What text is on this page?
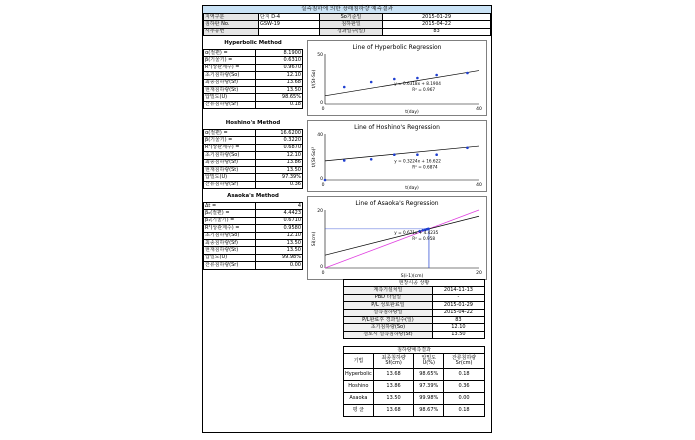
실측침하에 의한 장래침하량 예측결과
지역구분	단지 D-4	So기준일	2015-01-29
침하판 No.	GSW-19	침하판일	2015-04-22
시추공번		경과일수(일)	83
Hyperbolic Method
α(절편) =	8.1900
β(기울기) =	0.6310
R²(상관계수) =	0.9670
초기침하량(So)	12.10
최종침하량(Sf)	13.68
현재침하량(St)	13.50
압밀도(U)	98.65%
잔류침하량(Sr)	0.18
Hoshino's Method
α(절편) =	16.6200
β(기울기) =	0.3220
R²(상관계수) =	0.6870
초기침하량(So)	12.10
최종침하량(Sf)	13.86
현재침하량(St)	13.50
압밀도(U)	97.39%
잔류침하량(Sr)	0.36
Asaoka's Method
Δt =	4
β₀(절편) =	4.4423
β₁(기울기) =	0.6710
R²(상관계수) =	0.9580
초기침하량(So)	12.10
최종침하량(Sf)	13.50
현재침하량(St)	13.50
압밀도(U)	99.98%
잔류침하량(Sr)	0.00
Line of Hyperbolic Regression
0	40
50
0
t(day)
t/(St-So)	y = 0.6318x + 8.1904
R² = 0.967
Line of Hoshino's Regression
0	40
40
0
t(day)
t/(St-So)²	y = 0.3224x + 16.622
R² = 0.6874
Line of Asaoka's Regression
0	20
20
0
S(i-1)(cm)
Si(cm)	y = 0.671x + 4.4235
R² = 0.958
현장시공 상황	
계측기설치일	2014-11-13
PBD 타설일	-
P/L 성토완료일	2015-01-29
실측침하량일	2015-04-22
P/L완료후 경과일수(일)	83
초기침하량(So)	12.10
검토시 실측침하량(St)	13.50
침하량예측결과			
기법	최종침하량 Sf(cm)	압밀도 U(%)	잔류침하량 Sr(cm)
Hyperbolic	13.68	98.65%	0.18
Hoshino	13.86	97.39%	0.36
Asaoka	13.50	99.98%	0.00
평 균	13.68	98.67%	0.18
